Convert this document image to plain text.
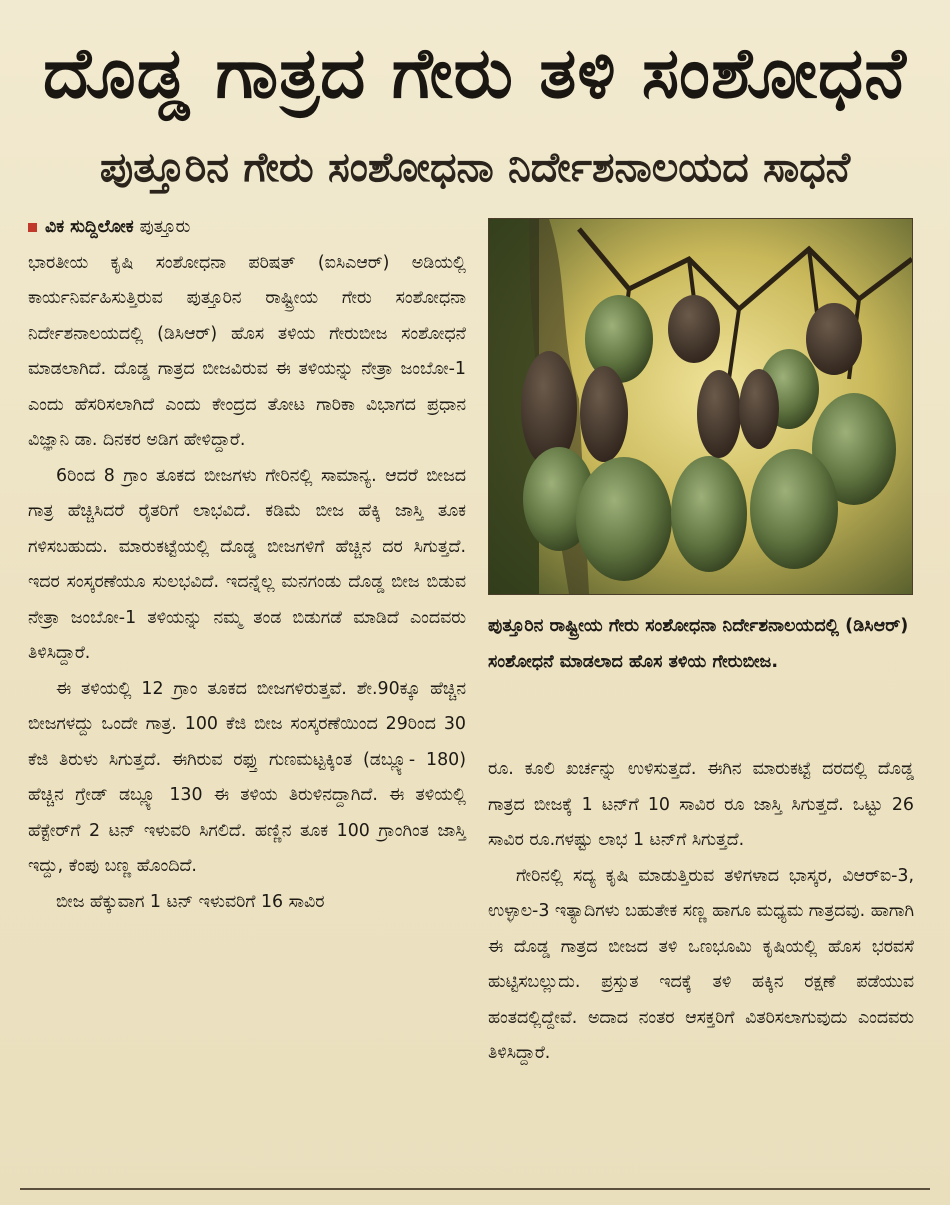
ದೊಡ್ಡ ಗಾತ್ರದ ಗೇರು ತಳಿ ಸಂಶೋಧನೆ
ಪುತ್ತೂರಿನ ಗೇರು ಸಂಶೋಧನಾ ನಿರ್ದೇಶನಾಲಯದ ಸಾಧನೆ

ವಿಕ ಸುದ್ದಿಲೋಕ ಪುತ್ತೂರು

ಭಾರತೀಯ ಕೃಷಿ ಸಂಶೋಧನಾ ಪರಿಷತ್ (ಐಸಿಎಆರ್) ಅಡಿಯಲ್ಲಿ ಕಾರ್ಯನಿರ್ವಹಿಸುತ್ತಿರುವ ಪುತ್ತೂರಿನ ರಾಷ್ಟ್ರೀಯ ಗೇರು ಸಂಶೋಧನಾ ನಿರ್ದೇಶನಾಲಯದಲ್ಲಿ (ಡಿಸಿಆರ್) ಹೊಸ ತಳಿಯ ಗೇರುಬೀಜ ಸಂಶೋಧನೆ ಮಾಡಲಾಗಿದೆ. ದೊಡ್ಡ ಗಾತ್ರದ ಬೀಜವಿರುವ ಈ ತಳಿಯನ್ನು ನೇತ್ರಾ ಜಂಬೋ-1 ಎಂದು ಹೆಸರಿಸಲಾಗಿದೆ ಎಂದು ಕೇಂದ್ರದ ತೋಟ ಗಾರಿಕಾ ವಿಭಾಗದ ಪ್ರಧಾನ ವಿಜ್ಞಾನಿ ಡಾ. ದಿನಕರ ಅಡಿಗ ಹೇಳಿದ್ದಾರೆ.

6ರಿಂದ 8 ಗ್ರಾಂ ತೂಕದ ಬೀಜಗಳು ಗೇರಿನಲ್ಲಿ ಸಾಮಾನ್ಯ. ಆದರೆ ಬೀಜದ ಗಾತ್ರ ಹೆಚ್ಚಿಸಿದರೆ ರೈತರಿಗೆ ಲಾಭವಿದೆ. ಕಡಿಮೆ ಬೀಜ ಹೆಕ್ಕಿ ಜಾಸ್ತಿ ತೂಕ ಗಳಿಸಬಹುದು. ಮಾರುಕಟ್ಟೆಯಲ್ಲಿ ದೊಡ್ಡ ಬೀಜಗಳಿಗೆ ಹೆಚ್ಚಿನ ದರ ಸಿಗುತ್ತದೆ. ಇದರ ಸಂಸ್ಕರಣೆಯೂ ಸುಲಭವಿದೆ. ಇದನ್ನೆಲ್ಲ ಮನಗಂಡು ದೊಡ್ಡ ಬೀಜ ಬಿಡುವ ನೇತ್ರಾ ಜಂಬೋ-1 ತಳಿಯನ್ನು ನಮ್ಮ ತಂಡ ಬಿಡುಗಡೆ ಮಾಡಿದೆ ಎಂದವರು ತಿಳಿಸಿದ್ದಾರೆ.

ಈ ತಳಿಯಲ್ಲಿ 12 ಗ್ರಾಂ ತೂಕದ ಬೀಜಗಳಿರುತ್ತವೆ. ಶೇ.90ಕ್ಕೂ ಹೆಚ್ಚಿನ ಬೀಜಗಳದ್ದು ಒಂದೇ ಗಾತ್ರ. 100 ಕೆಜಿ ಬೀಜ ಸಂಸ್ಕರಣೆಯಿಂದ 29ರಿಂದ 30 ಕೆಜಿ ತಿರುಳು ಸಿಗುತ್ತದೆ. ಈಗಿರುವ ರಫ್ತು ಗುಣಮಟ್ಟಕ್ಕಿಂತ (ಡಬ್ಲ್ಯೂ- 180) ಹೆಚ್ಚಿನ ಗ್ರೇಡ್ ಡಬ್ಲ್ಯೂ 130 ಈ ತಳಿಯ ತಿರುಳಿನದ್ದಾಗಿದೆ. ಈ ತಳಿಯಲ್ಲಿ ಹೆಕ್ಟೇರ್‌ಗೆ 2 ಟನ್ ಇಳುವರಿ ಸಿಗಲಿದೆ. ಹಣ್ಣಿನ ತೂಕ 100 ಗ್ರಾಂಗಿಂತ ಜಾಸ್ತಿ ಇದ್ದು, ಕೆಂಪು ಬಣ್ಣ ಹೊಂದಿದೆ.

ಬೀಜ ಹೆಕ್ಕುವಾಗ 1 ಟನ್ ಇಳುವರಿಗೆ 16 ಸಾವಿರ

ಪುತ್ತೂರಿನ ರಾಷ್ಟ್ರೀಯ ಗೇರು ಸಂಶೋಧನಾ ನಿರ್ದೇಶನಾಲಯದಲ್ಲಿ (ಡಿಸಿಆರ್) ಸಂಶೋಧನೆ ಮಾಡಲಾದ ಹೊಸ ತಳಿಯ ಗೇರುಬೀಜ.

ರೂ. ಕೂಲಿ ಖರ್ಚನ್ನು ಉಳಿಸುತ್ತದೆ. ಈಗಿನ ಮಾರುಕಟ್ಟೆ ದರದಲ್ಲಿ ದೊಡ್ಡ ಗಾತ್ರದ ಬೀಜಕ್ಕೆ 1 ಟನ್‌ಗೆ 10 ಸಾವಿರ ರೂ ಜಾಸ್ತಿ ಸಿಗುತ್ತದೆ. ಒಟ್ಟು 26 ಸಾವಿರ ರೂ.ಗಳಷ್ಟು ಲಾಭ 1 ಟನ್‌ಗೆ ಸಿಗುತ್ತದೆ.

ಗೇರಿನಲ್ಲಿ ಸದ್ಯ ಕೃಷಿ ಮಾಡುತ್ತಿರುವ ತಳಿಗಳಾದ ಭಾಸ್ಕರ, ವಿಆರ್‌ಐ-3, ಉಳ್ಳಾಲ-3 ಇತ್ಯಾದಿಗಳು ಬಹುತೇಕ ಸಣ್ಣ ಹಾಗೂ ಮಧ್ಯಮ ಗಾತ್ರದವು. ಹಾಗಾಗಿ ಈ ದೊಡ್ಡ ಗಾತ್ರದ ಬೀಜದ ತಳಿ ಒಣಭೂಮಿ ಕೃಷಿಯಲ್ಲಿ ಹೊಸ ಭರವಸೆ ಹುಟ್ಟಿಸಬಲ್ಲುದು. ಪ್ರಸ್ತುತ ಇದಕ್ಕೆ ತಳಿ ಹಕ್ಕಿನ ರಕ್ಷಣೆ ಪಡೆಯುವ ಹಂತದಲ್ಲಿದ್ದೇವೆ. ಅದಾದ ನಂತರ ಆಸಕ್ತರಿಗೆ ವಿತರಿಸಲಾಗುವುದು ಎಂದವರು ತಿಳಿಸಿದ್ದಾರೆ.
